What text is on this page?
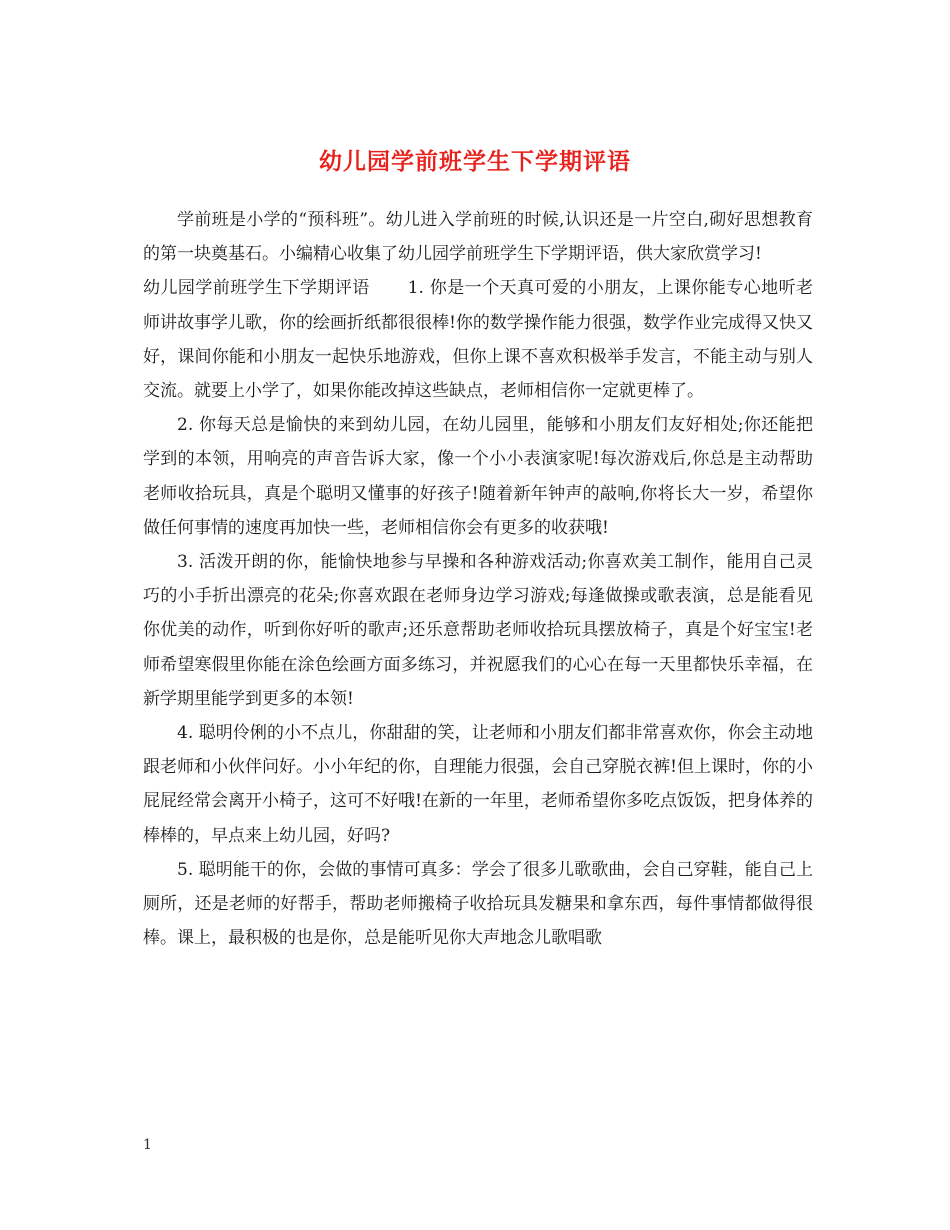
幼儿园学前班学生下学期评语

学前班是小学的“预科班”。幼儿进入学前班的时候,认识还是一片空白,砌好思想教育的第一块奠基石。小编精心收集了幼儿园学前班学生下学期评语，供大家欣赏学习!

幼儿园学前班学生下学期评语 1. 你是一个天真可爱的小朋友，上课你能专心地听老师讲故事学儿歌，你的绘画折纸都很很棒!你的数学操作能力很强，数学作业完成得又快又好，课间你能和小朋友一起快乐地游戏，但你上课不喜欢积极举手发言，不能主动与别人交流。就要上小学了，如果你能改掉这些缺点，老师相信你一定就更棒了。

2. 你每天总是愉快的来到幼儿园，在幼儿园里，能够和小朋友们友好相处;你还能把学到的本领，用响亮的声音告诉大家，像一个小小表演家呢!每次游戏后,你总是主动帮助老师收拾玩具，真是个聪明又懂事的好孩子!随着新年钟声的敲响,你将长大一岁，希望你做任何事情的速度再加快一些，老师相信你会有更多的收获哦!

3. 活泼开朗的你，能愉快地参与早操和各种游戏活动;你喜欢美工制作，能用自己灵巧的小手折出漂亮的花朵;你喜欢跟在老师身边学习游戏;每逢做操或歌表演，总是能看见你优美的动作，听到你好听的歌声;还乐意帮助老师收拾玩具摆放椅子，真是个好宝宝!老师希望寒假里你能在涂色绘画方面多练习，并祝愿我们的心心在每一天里都快乐幸福，在新学期里能学到更多的本领!

4. 聪明伶俐的小不点儿，你甜甜的笑，让老师和小朋友们都非常喜欢你，你会主动地跟老师和小伙伴问好。小小年纪的你，自理能力很强，会自己穿脱衣裤!但上课时，你的小屁屁经常会离开小椅子，这可不好哦!在新的一年里，老师希望你多吃点饭饭，把身体养的棒棒的，早点来上幼儿园，好吗?

5. 聪明能干的你，会做的事情可真多：学会了很多儿歌歌曲，会自己穿鞋，能自己上厕所，还是老师的好帮手，帮助老师搬椅子收拾玩具发糖果和拿东西，每件事情都做得很棒。课上，最积极的也是你，总是能听见你大声地念儿歌唱歌

1
